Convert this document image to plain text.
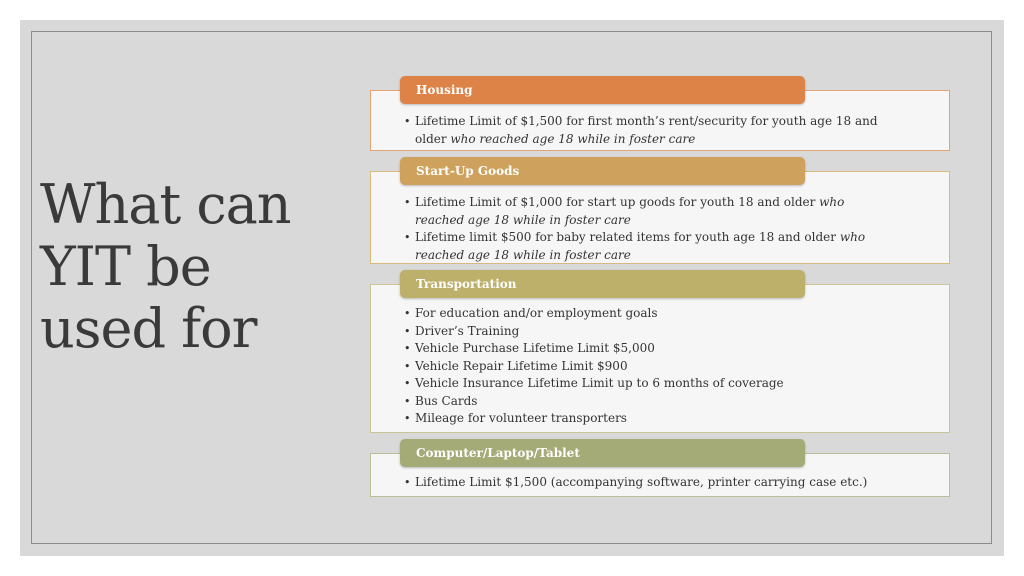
What can
YIT be
used for
• Lifetime Limit of $1,500 for first month’s rent/security for youth age 18 and older who reached age 18 while in foster care
Housing
• Lifetime Limit of $1,000 for start up goods for youth 18 and older who reached age 18 while in foster care
• Lifetime limit $500 for baby related items for youth age 18 and older who reached age 18 while in foster care
Start-Up Goods
• For education and/or employment goals
• Driver’s Training
• Vehicle Purchase Lifetime Limit $5,000
• Vehicle Repair Lifetime Limit $900
• Vehicle Insurance Lifetime Limit up to 6 months of coverage
• Bus Cards
• Mileage for volunteer transporters
Transportation
• Lifetime Limit $1,500 (accompanying software, printer carrying case etc.)
Computer/Laptop/Tablet
